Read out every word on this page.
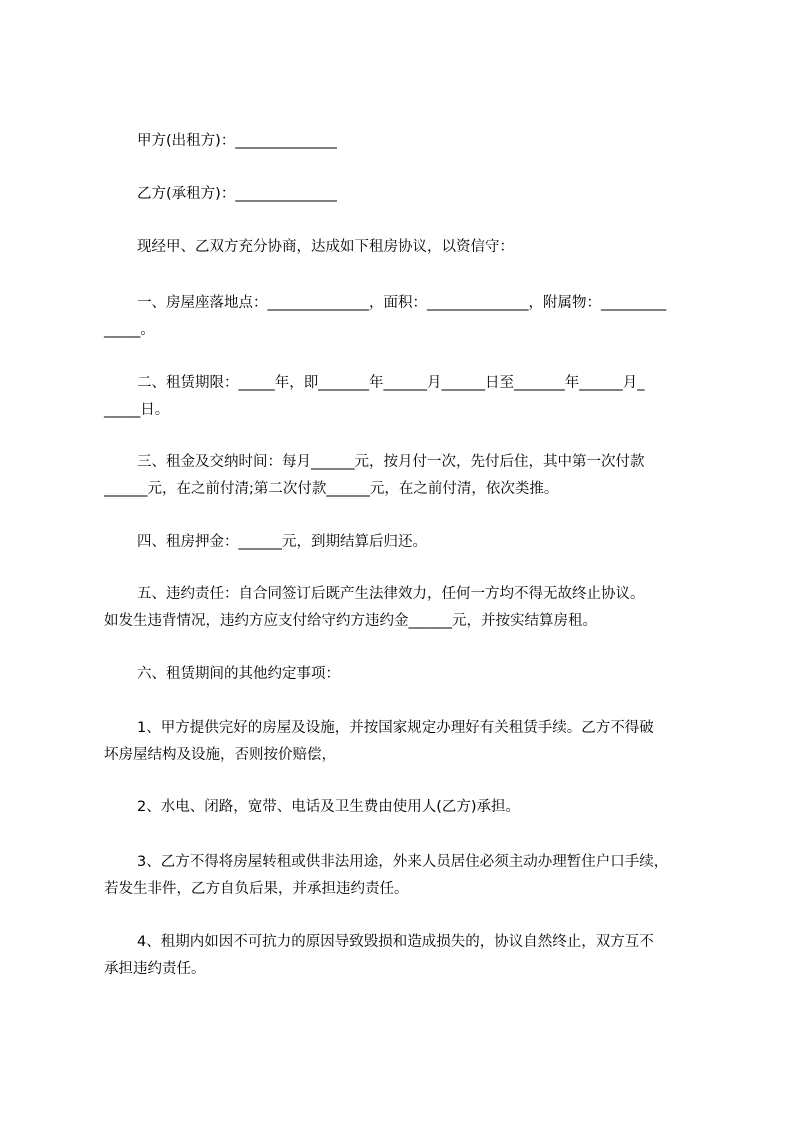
甲方(出租方)：______________

乙方(承租方)：______________

现经甲、乙双方充分协商，达成如下租房协议，以资信守：

一、房屋座落地点：______________，面积：______________，附属物：_________

_____。

二、租赁期限：_____年，即_______年______月______日至_______年______月_

_____日。

三、租金及交纳时间：每月______元，按月付一次，先付后住，其中第一次付款

______元，在之前付清;第二次付款______元，在之前付清，依次类推。

四、租房押金：______元，到期结算后归还。

五、违约责任：自合同签订后既产生法律效力，任何一方均不得无故终止协议。

如发生违背情况，违约方应支付给守约方违约金______元，并按实结算房租。

六、租赁期间的其他约定事项：

1、甲方提供完好的房屋及设施，并按国家规定办理好有关租赁手续。乙方不得破

坏房屋结构及设施，否则按价赔偿，

2、水电、闭路，宽带、电话及卫生费由使用人(乙方)承担。

3、乙方不得将房屋转租或供非法用途，外来人员居住必须主动办理暂住户口手续，

若发生非件，乙方自负后果，并承担违约责任。

4、租期内如因不可抗力的原因导致毁损和造成损失的，协议自然终止，双方互不

承担违约责任。
